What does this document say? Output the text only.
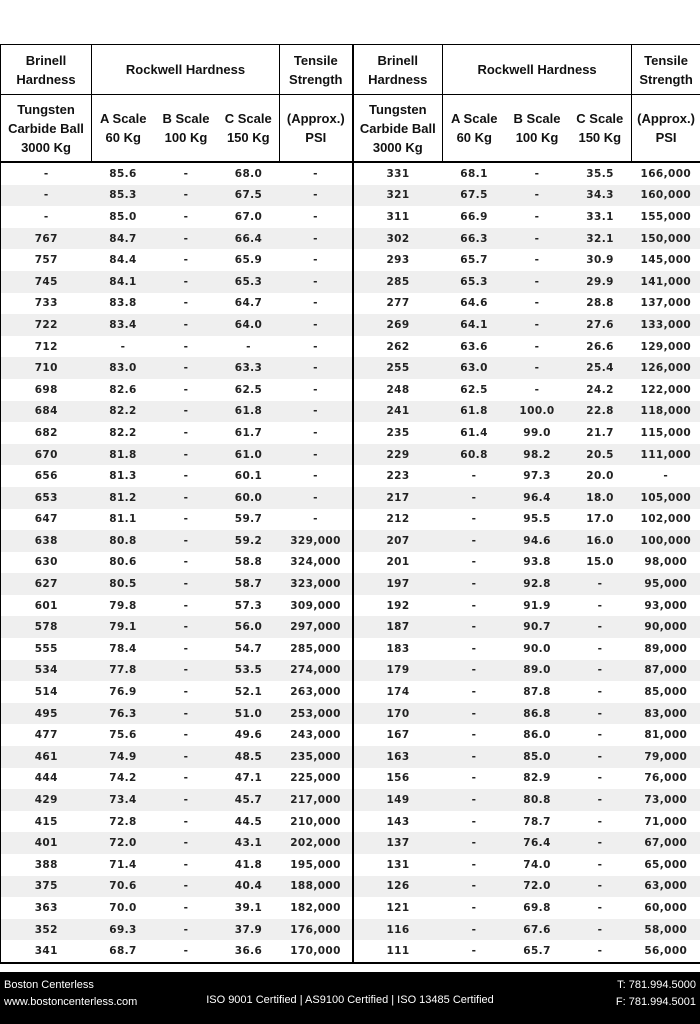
Brinell Hardness	Rockwell Hardness			Tensile Strength	Brinell Hardness	Rockwell Hardness			Tensile Strength
Tungsten Carbide Ball 3000 Kg	A Scale 60 Kg	B Scale 100 Kg	C Scale 150 Kg	(Approx.) PSI	Tungsten Carbide Ball 3000 Kg	A Scale 60 Kg	B Scale 100 Kg	C Scale 150 Kg	(Approx.) PSI
-	85.6	-	68.0	-	331	68.1	-	35.5	166,000
-	85.3	-	67.5	-	321	67.5	-	34.3	160,000
-	85.0	-	67.0	-	311	66.9	-	33.1	155,000
767	84.7	-	66.4	-	302	66.3	-	32.1	150,000
757	84.4	-	65.9	-	293	65.7	-	30.9	145,000
745	84.1	-	65.3	-	285	65.3	-	29.9	141,000
733	83.8	-	64.7	-	277	64.6	-	28.8	137,000
722	83.4	-	64.0	-	269	64.1	-	27.6	133,000
712	-	-	-	-	262	63.6	-	26.6	129,000
710	83.0	-	63.3	-	255	63.0	-	25.4	126,000
698	82.6	-	62.5	-	248	62.5	-	24.2	122,000
684	82.2	-	61.8	-	241	61.8	100.0	22.8	118,000
682	82.2	-	61.7	-	235	61.4	99.0	21.7	115,000
670	81.8	-	61.0	-	229	60.8	98.2	20.5	111,000
656	81.3	-	60.1	-	223	-	97.3	20.0	-
653	81.2	-	60.0	-	217	-	96.4	18.0	105,000
647	81.1	-	59.7	-	212	-	95.5	17.0	102,000
638	80.8	-	59.2	329,000	207	-	94.6	16.0	100,000
630	80.6	-	58.8	324,000	201	-	93.8	15.0	98,000
627	80.5	-	58.7	323,000	197	-	92.8	-	95,000
601	79.8	-	57.3	309,000	192	-	91.9	-	93,000
578	79.1	-	56.0	297,000	187	-	90.7	-	90,000
555	78.4	-	54.7	285,000	183	-	90.0	-	89,000
534	77.8	-	53.5	274,000	179	-	89.0	-	87,000
514	76.9	-	52.1	263,000	174	-	87.8	-	85,000
495	76.3	-	51.0	253,000	170	-	86.8	-	83,000
477	75.6	-	49.6	243,000	167	-	86.0	-	81,000
461	74.9	-	48.5	235,000	163	-	85.0	-	79,000
444	74.2	-	47.1	225,000	156	-	82.9	-	76,000
429	73.4	-	45.7	217,000	149	-	80.8	-	73,000
415	72.8	-	44.5	210,000	143	-	78.7	-	71,000
401	72.0	-	43.1	202,000	137	-	76.4	-	67,000
388	71.4	-	41.8	195,000	131	-	74.0	-	65,000
375	70.6	-	40.4	188,000	126	-	72.0	-	63,000
363	70.0	-	39.1	182,000	121	-	69.8	-	60,000
352	69.3	-	37.9	176,000	116	-	67.6	-	58,000
341	68.7	-	36.6	170,000	111	-	65.7	-	56,000
Boston Centerless
www.bostoncenterless.com	ISO 9001 Certified | AS9100 Certified | ISO 13485 Certified
T: 781.994.5000
F: 781.994.5001
